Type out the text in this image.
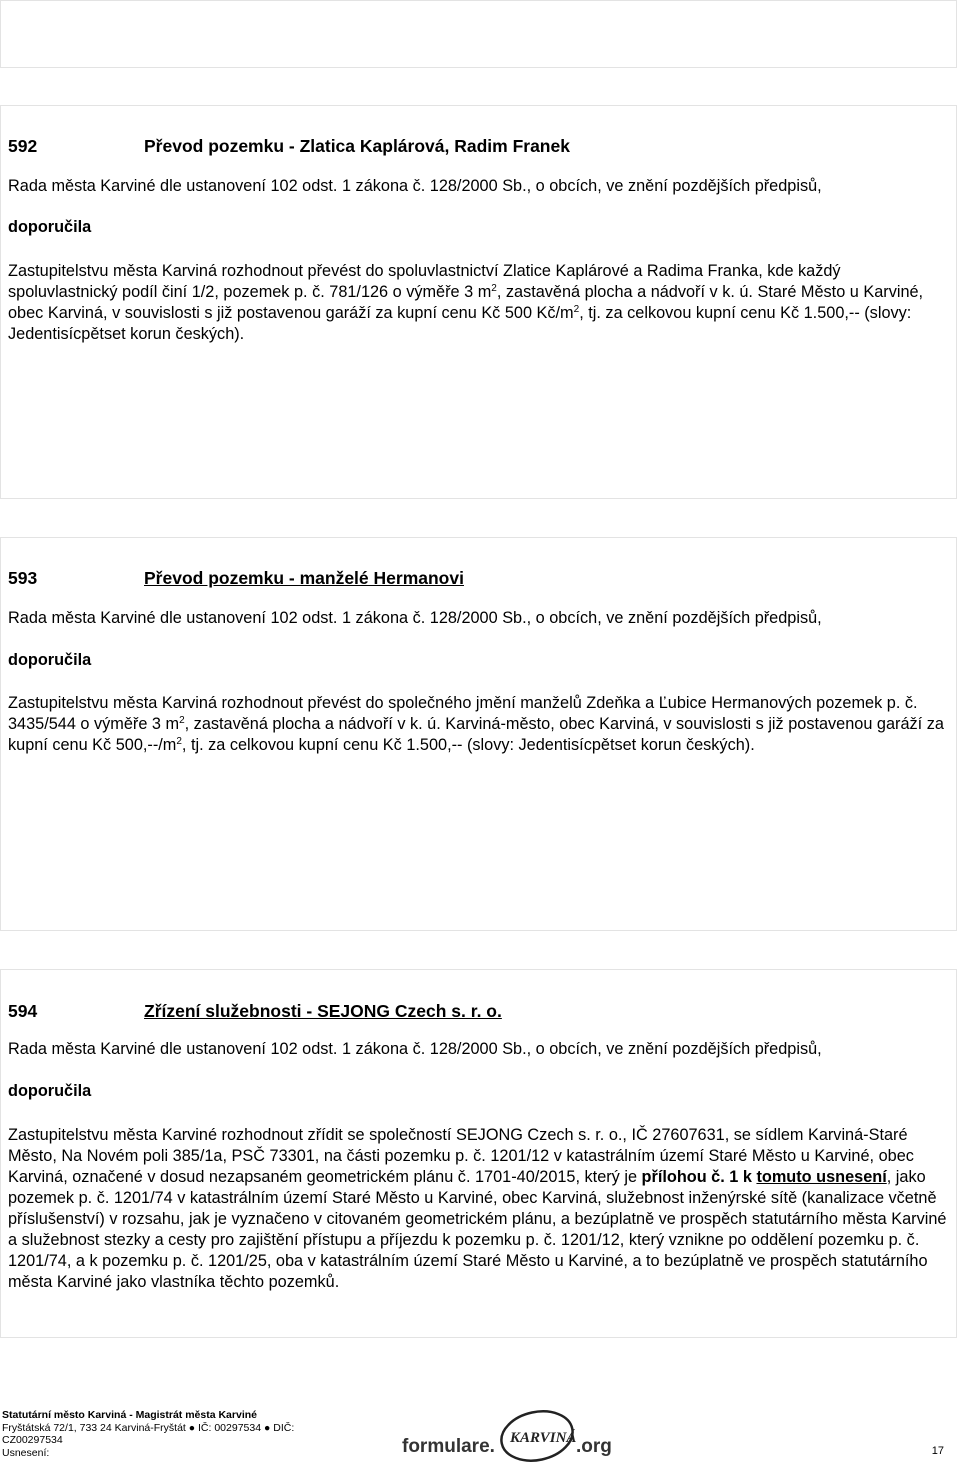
592	Převod pozemku - Zlatica Kaplárová, Radim Franek
Rada města Karviné dle ustanovení 102 odst. 1 zákona č. 128/2000 Sb., o obcích, ve znění pozdějších předpisů,
doporučila
Zastupitelstvu města Karviná rozhodnout převést do spoluvlastnictví Zlatice Kaplárové a Radima Franka, kde každý spoluvlastnický podíl činí 1/2, pozemek p. č. 781/126 o výměře 3 $m^2$, zastavěná plocha a nádvoří v k. ú. Staré Město u Karviné, obec Karviná, v souvislosti s již postavenou garáží za kupní cenu Kč 500 $Kč/m^2$, tj. za celkovou kupní cenu Kč 1.500,-- (slovy: Jedentisícpětset korun českých).
593	Převod pozemku - manželé Hermanovi
Rada města Karviné dle ustanovení 102 odst. 1 zákona č. 128/2000 Sb., o obcích, ve znění pozdějších předpisů,
doporučila
Zastupitelstvu města Karviná rozhodnout převést do společného jmění manželů Zdeňka a Ľubice Hermanových pozemek p. č. 3435/544 o výměře 3 $m^2$, zastavěná plocha a nádvoří v k. ú. Karviná-město, obec Karviná, v souvislosti s již postavenou garáží za kupní cenu Kč $500,--/m^2$, tj. za celkovou kupní cenu Kč 1.500,-- (slovy: Jedentisícpětset korun českých).
594	Zřízení služebnosti - SEJONG Czech s. r. o.
Rada města Karviné dle ustanovení 102 odst. 1 zákona č. 128/2000 Sb., o obcích, ve znění pozdějších předpisů,
doporučila
Zastupitelstvu města Karviné rozhodnout zřídit se společností SEJONG Czech s. r. o., IČ 27607631, se sídlem Karviná-Staré Město, Na Novém poli 385/1a, PSČ 73301, na části pozemku p. č. 1201/12 v katastrálním území Staré Město u Karviné, obec Karviná, označené v dosud nezapsaném geometrickém plánu č. 1701-40/2015, který je přílohou č. 1 k tomuto usnesení, jako pozemek p. č. 1201/74 v katastrálním území Staré Město u Karviné, obec Karviná, služebnost inženýrské sítě (kanalizace včetně příslušenství) v rozsahu, jak je vyznačeno v citovaném geometrickém plánu, a bezúplatně ve prospěch statutárního města Karviné a služebnost stezky a cesty pro zajištění přístupu a příjezdu k pozemku p. č. 1201/12, který vznikne po oddělení pozemku p. č. 1201/74, a k pozemku p. č. 1201/25, oba v katastrálním území Staré Město u Karviné, a to bezúplatně ve prospěch statutárního města Karviné jako vlastníka těchto pozemků.
Statutární město Karviná - Magistrát města Karviné
Fryštátská 72/1, 733 24 Karviná-Fryštát ● IČ: 00297534 ● DIČ:
CZ00297534
Usnesení:	formulare. KARVINÁ .org	17
